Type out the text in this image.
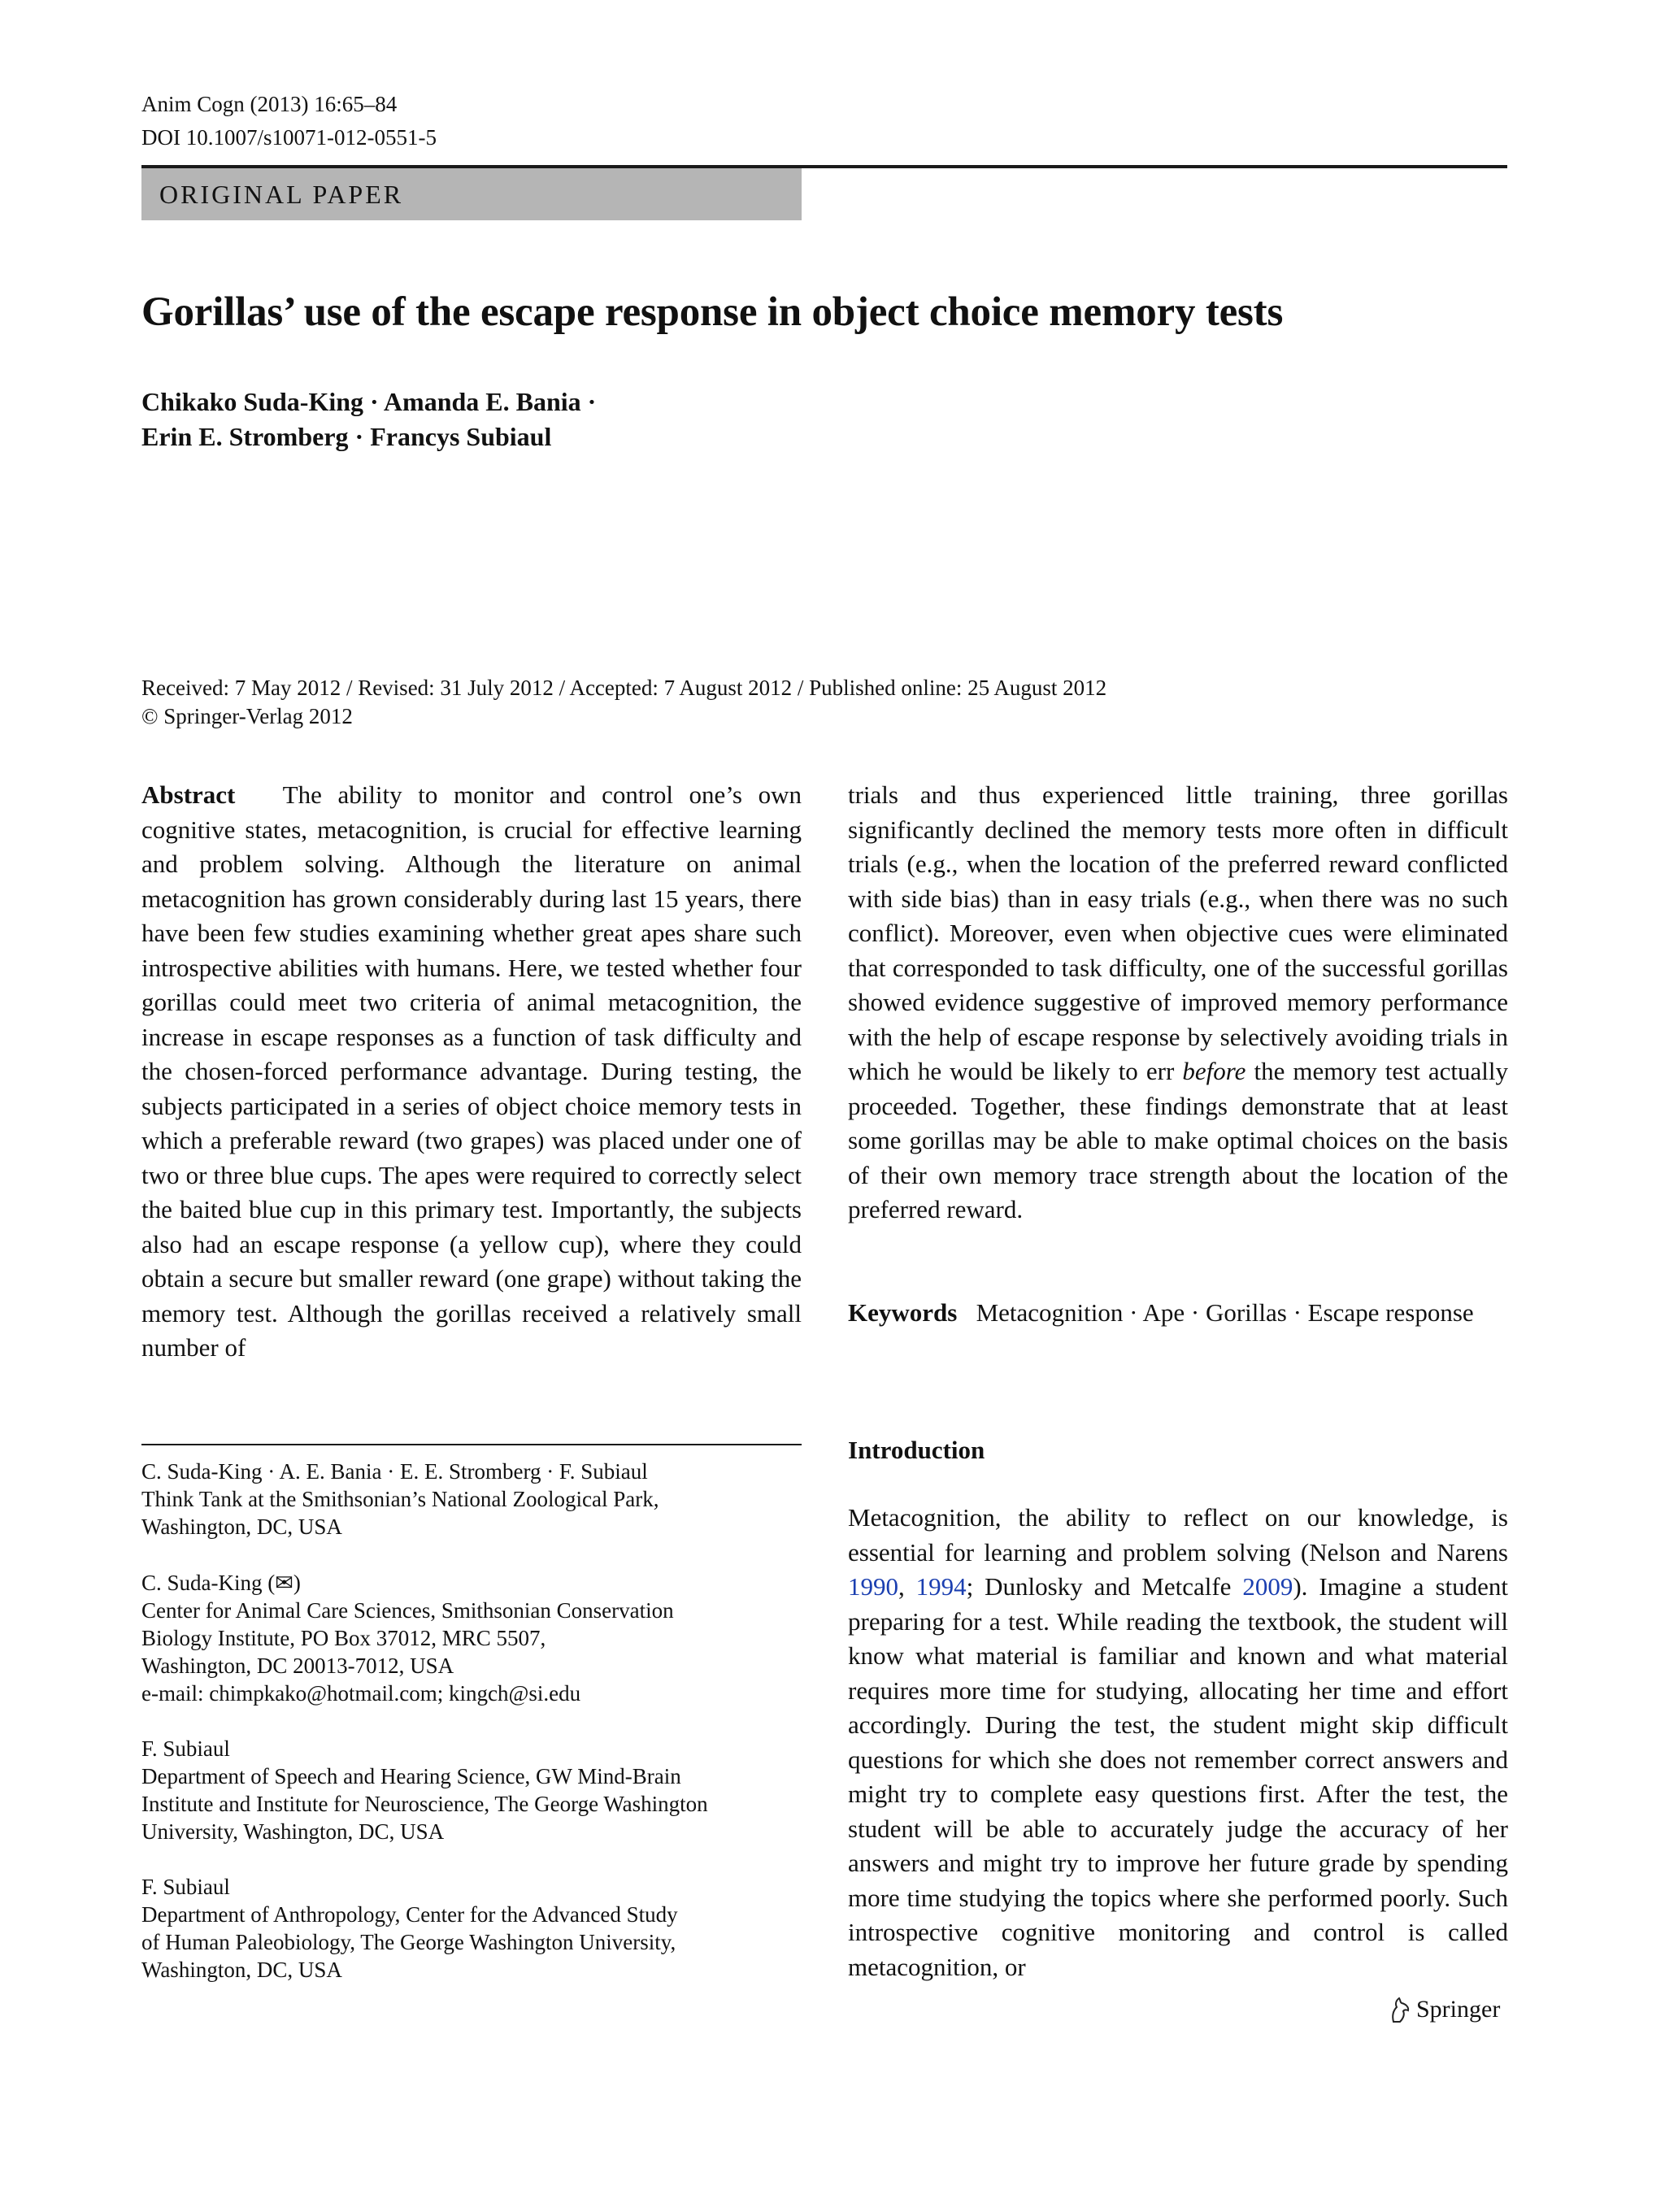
Anim Cogn (2013) 16:65–84
DOI 10.1007/s10071-012-0551-5
ORIGINAL PAPER
Gorillas’ use of the escape response in object choice memory tests
Chikako Suda-King · Amanda E. Bania ·
Erin E. Stromberg · Francys Subiaul
Received: 7 May 2012 / Revised: 31 July 2012 / Accepted: 7 August 2012 / Published online: 25 August 2012
© Springer-Verlag 2012
Abstract The ability to monitor and control one’s own cognitive states, metacognition, is crucial for effective learning and problem solving. Although the literature on animal metacognition has grown considerably during last 15 years, there have been few studies examining whether great apes share such introspective abilities with humans. Here, we tested whether four gorillas could meet two criteria of animal metacognition, the increase in escape responses as a function of task difficulty and the chosen-forced performance advantage. During testing, the subjects participated in a series of object choice memory tests in which a preferable reward (two grapes) was placed under one of two or three blue cups. The apes were required to correctly select the baited blue cup in this primary test. Importantly, the subjects also had an escape response (a yellow cup), where they could obtain a secure but smaller reward (one grape) without taking the memory test. Although the gorillas received a relatively small number of
trials and thus experienced little training, three gorillas significantly declined the memory tests more often in difficult trials (e.g., when the location of the preferred reward conflicted with side bias) than in easy trials (e.g., when there was no such conflict). Moreover, even when objective cues were eliminated that corresponded to task difficulty, one of the successful gorillas showed evidence suggestive of improved memory performance with the help of escape response by selectively avoiding trials in which he would be likely to err before the memory test actually proceeded. Together, these findings demonstrate that at least some gorillas may be able to make optimal choices on the basis of their own memory trace strength about the location of the preferred reward.
Keywords Metacognition · Ape · Gorillas · Escape response

C. Suda-King · A. E. Bania · E. E. Stromberg · F. Subiaul

Think Tank at the Smithsonian’s National Zoological Park,

Washington, DC, USA

C. Suda-King (✉)

Center for Animal Care Sciences, Smithsonian Conservation

Biology Institute, PO Box 37012, MRC 5507,

Washington, DC 20013-7012, USA

e-mail: chimpkako@hotmail.com; kingch@si.edu

F. Subiaul

Department of Speech and Hearing Science, GW Mind-Brain

Institute and Institute for Neuroscience, The George Washington

University, Washington, DC, USA

F. Subiaul

Department of Anthropology, Center for the Advanced Study

of Human Paleobiology, The George Washington University,

Washington, DC, USA

Introduction
Metacognition, the ability to reflect on our knowledge, is essential for learning and problem solving (Nelson and Narens 1990, 1994; Dunlosky and Metcalfe 2009). Imagine a student preparing for a test. While reading the textbook, the student will know what material is familiar and known and what material requires more time for studying, allocating her time and effort accordingly. During the test, the student might skip difficult questions for which she does not remember correct answers and might try to complete easy questions first. After the test, the student will be able to accurately judge the accuracy of her answers and might try to improve her future grade by spending more time studying the topics where she performed poorly. Such introspective cognitive monitoring and control is called metacognition, or
Springer
